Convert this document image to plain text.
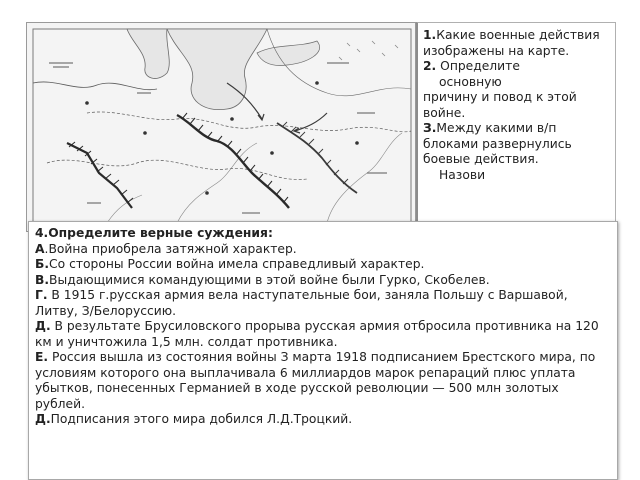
1.Какие военные действия изображены на карте.
2. Определите
основную
причину и повод к этой войне.
З.Между какими в/п блоками развернулись боевые действия.
Назови
4.Определите верные суждения:
А.Война приобрела затяжной характер.
Б.Со стороны России война имела справедливый характер.
В.Выдающимися командующими в этой войне были Гурко, Скобелев.
Г. В 1915 г.русская армия вела наступательные бои, заняла Польшу с Варшавой, Литву, З/Белоруссию.
Д. В результате Брусиловского прорыва русская армия отбросила противника на 120 км и уничтожила 1,5 млн. солдат противника.
Е. Россия вышла из состояния войны З марта 1918 подписанием Брестского мира, по условиям которого она выплачивала 6 миллиардов марок репараций плюс уплата убытков, понесенных Германией в ходе русской революции — 500 млн золотых рублей.
Д.Подписания этого мира добился Л.Д.Троцкий.
